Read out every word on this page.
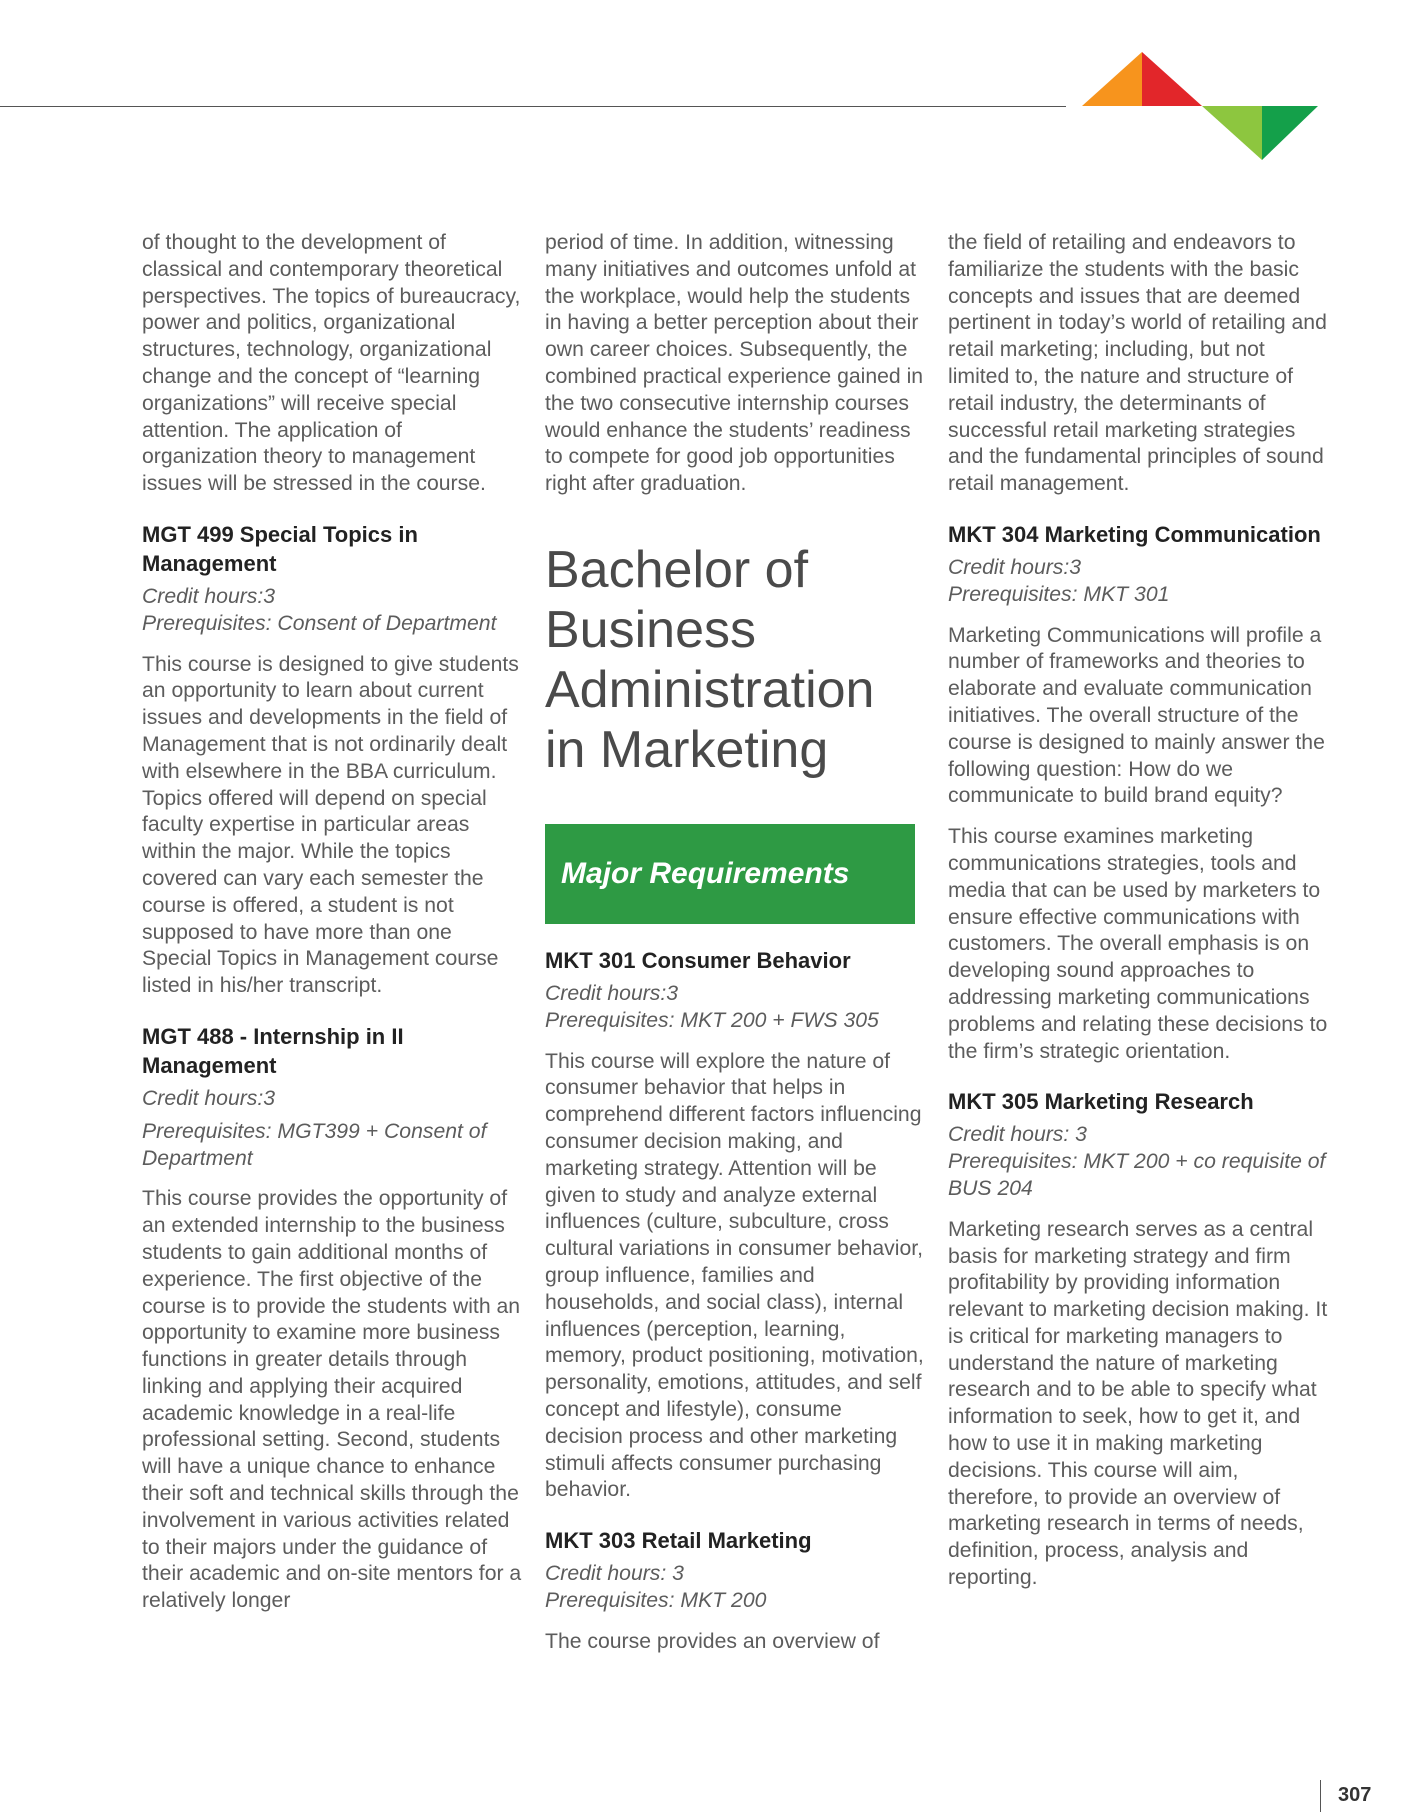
of thought to the development of classical and contemporary theoretical perspectives. The topics of bureaucracy, power and politics, organizational structures, technology, organizational change and the concept of “learning organizations” will receive special attention. The application of organization theory to management issues will be stressed in the course.

MGT 499 Special Topics in Management

Credit hours:3

Prerequisites: Consent of Department

This course is designed to give students an opportunity to learn about current issues and developments in the field of Management that is not ordinarily dealt with elsewhere in the BBA curriculum. Topics offered will depend on special faculty expertise in particular areas within the major. While the topics covered can vary each semester the course is offered, a student is not supposed to have more than one Special Topics in Management course listed in his/her transcript.

MGT 488 - Internship in II Management

Credit hours:3

Prerequisites: MGT399 + Consent of Department

This course provides the opportunity of an extended internship to the business students to gain additional months of experience. The first objective of the course is to provide the students with an opportunity to examine more business functions in greater details through linking and applying their acquired academic knowledge in a real-life professional setting. Second, students will have a unique chance to enhance their soft and technical skills through the involvement in various activities related to their majors under the guidance of their academic and on-site mentors for a relatively longer

period of time. In addition, witnessing many initiatives and outcomes unfold at the workplace, would help the students in having a better perception about their own career choices. Subsequently, the combined practical experience gained in the two consecutive internship courses would enhance the students’ readiness to compete for good job opportunities right after graduation.

Bachelor of Business Administration in Marketing
Major Requirements

MKT 301 Consumer Behavior

Credit hours:3

Prerequisites: MKT 200 + FWS 305

This course will explore the nature of consumer behavior that helps in comprehend different factors influencing consumer decision making, and marketing strategy. Attention will be given to study and analyze external influences (culture, subculture, cross cultural variations in consumer behavior, group influence, families and households, and social class), internal influences (perception, learning, memory, product positioning, motivation, personality, emotions, attitudes, and self concept and lifestyle), consume decision process and other marketing stimuli affects consumer purchasing behavior.

MKT 303 Retail Marketing

Credit hours: 3

Prerequisites: MKT 200

The course provides an overview of

the field of retailing and endeavors to familiarize the students with the basic concepts and issues that are deemed pertinent in today’s world of retailing and retail marketing; including, but not limited to, the nature and structure of retail industry, the determinants of successful retail marketing strategies and the fundamental principles of sound retail management.

MKT 304 Marketing Communication

Credit hours:3

Prerequisites: MKT 301

Marketing Communications will profile a number of frameworks and theories to elaborate and evaluate communication initiatives. The overall structure of the course is designed to mainly answer the following question: How do we communicate to build brand equity?

This course examines marketing communications strategies, tools and media that can be used by marketers to ensure effective communications with customers. The overall emphasis is on developing sound approaches to addressing marketing communications problems and relating these decisions to the firm’s strategic orientation.

MKT 305 Marketing Research

Credit hours: 3

Prerequisites: MKT 200 + co requisite of BUS 204

Marketing research serves as a central basis for marketing strategy and firm profitability by providing information relevant to marketing decision making. It is critical for marketing managers to understand the nature of marketing research and to be able to specify what information to seek, how to get it, and how to use it in making marketing decisions. This course will aim, therefore, to provide an overview of marketing research in terms of needs, definition, process, analysis and reporting.

307
